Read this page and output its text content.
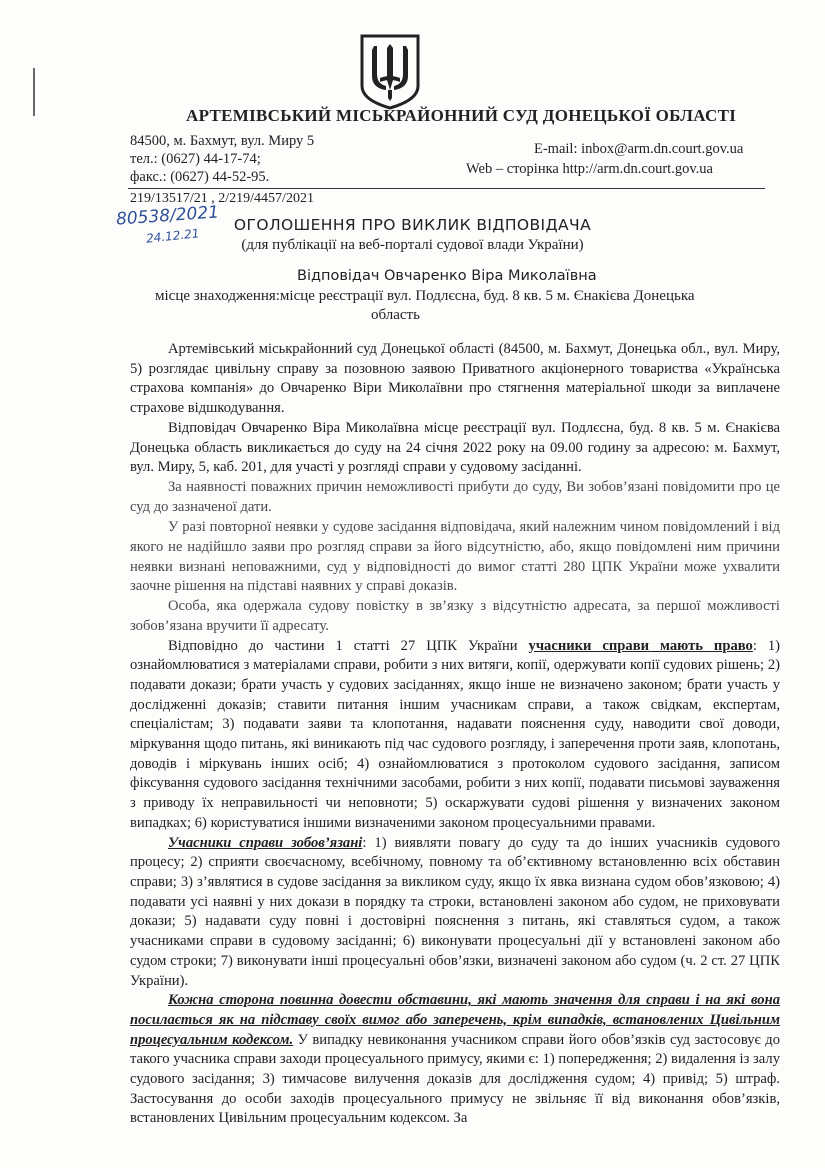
АРТЕМІВСЬКИЙ МІСЬКРАЙОННИЙ СУД ДОНЕЦЬКОЇ ОБЛАСТІ
84500, м. Бахмут, вул. Миру 5
тел.: (0627) 44-17-74;
факс.: (0627) 44-52-95.
E-mail: inbox@arm.dn.court.gov.ua
Web – сторінка http://arm.dn.court.gov.ua
219/13517/21 , 2/219/4457/2021
80538/2021
24.12.21
ОГОЛОШЕННЯ ПРО ВИКЛИК ВІДПОВІДАЧА
(для публікації на веб-порталі судової влади України)
Відповідач Овчаренко Віра Миколаївна
місце знаходження:місце реєстрації вул. Подлєсна, буд. 8 кв. 5 м. Єнакієва Донецька
область

Артемівський міськрайонний суд Донецької області (84500, м. Бахмут, Донецька обл., вул. Миру, 5) розглядає цивільну справу за позовною заявою Приватного акціонерного товариства «Українська страхова компанія» до Овчаренко Віри Миколаївни про стягнення матеріальної шкоди за виплачене страхове відшкодування.

Відповідач Овчаренко Віра Миколаївна місце реєстрації вул. Подлєсна, буд. 8 кв. 5 м. Єнакієва Донецька область викликається до суду на 24 січня 2022 року на 09.00 годину за адресою: м. Бахмут, вул. Миру, 5, каб. 201, для участі у розгляді справи у судовому засіданні.

За наявності поважних причин неможливості прибути до суду, Ви зобов’язані повідомити про це суд до зазначеної дати.

У разі повторної неявки у судове засідання відповідача, який належним чином повідомлений і від якого не надійшло заяви про розгляд справи за його відсутністю, або, якщо повідомлені ним причини неявки визнані неповажними, суд у відповідності до вимог статті 280 ЦПК України може ухвалити заочне рішення на підставі наявних у справі доказів.

Особа, яка одержала судову повістку в зв’язку з відсутністю адресата, за першої можливості зобов’язана вручити її адресату.

Відповідно до частини 1 статті 27 ЦПК України учасники справи мають право: 1) ознайомлюватися з матеріалами справи, робити з них витяги, копії, одержувати копії судових рішень; 2) подавати докази; брати участь у судових засіданнях, якщо інше не визначено законом; брати участь у дослідженні доказів; ставити питання іншим учасникам справи, а також свідкам, експертам, спеціалістам; 3) подавати заяви та клопотання, надавати пояснення суду, наводити свої доводи, міркування щодо питань, які виникають під час судового розгляду, і заперечення проти заяв, клопотань, доводів і міркувань інших осіб; 4) ознайомлюватися з протоколом судового засідання, записом фіксування судового засідання технічними засобами, робити з них копії, подавати письмові зауваження з приводу їх неправильності чи неповноти; 5) оскаржувати судові рішення у визначених законом випадках; 6) користуватися іншими визначеними законом процесуальними правами.

Учасники справи зобов’язані: 1) виявляти повагу до суду та до інших учасників судового процесу; 2) сприяти своєчасному, всебічному, повному та об’єктивному встановленню всіх обставин справи; 3) з’являтися в судове засідання за викликом суду, якщо їх явка визнана судом обов’язковою; 4) подавати усі наявні у них докази в порядку та строки, встановлені законом або судом, не приховувати докази; 5) надавати суду повні і достовірні пояснення з питань, які ставляться судом, а також учасниками справи в судовому засіданні; 6) виконувати процесуальні дії у встановлені законом або судом строки; 7) виконувати інші процесуальні обов’язки, визначені законом або судом (ч. 2 ст. 27 ЦПК України).

Кожна сторона повинна довести обставини, які мають значення для справи і на які вона посилається як на підставу своїх вимог або заперечень, крім випадків, встановлених Цивільним процесуальним кодексом. У випадку невиконання учасником справи його обов’язків суд застосовує до такого учасника справи заходи процесуального примусу, якими є: 1) попередження; 2) видалення із залу судового засідання; 3) тимчасове вилучення доказів для дослідження судом; 4) привід; 5) штраф. Застосування до особи заходів процесуального примусу не звільняє її від виконання обов’язків, встановлених Цивільним процесуальним кодексом. За
